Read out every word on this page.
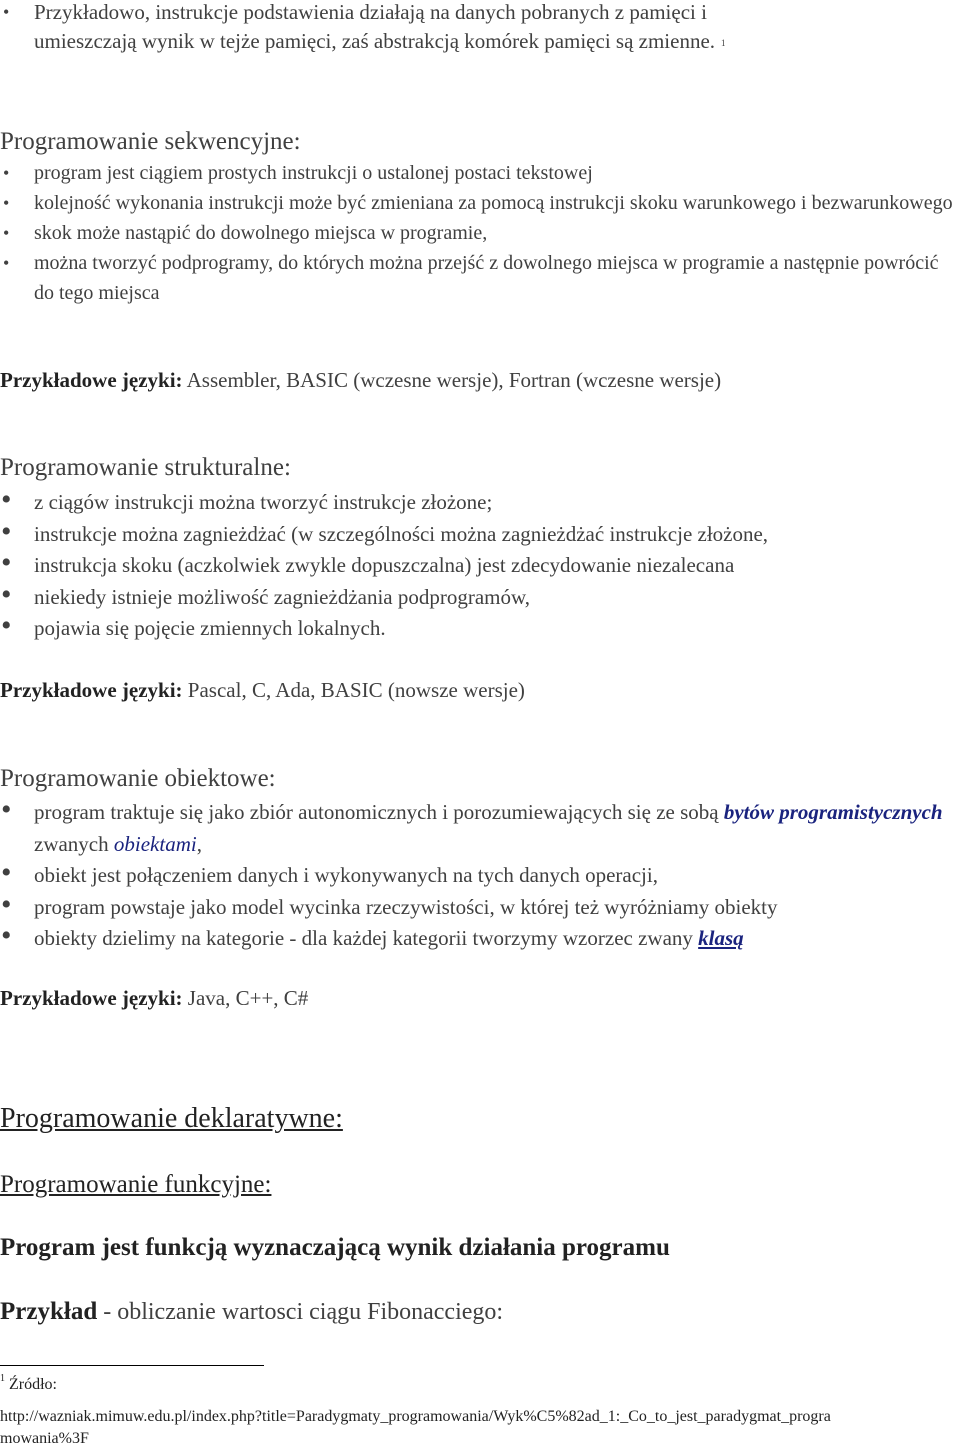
• Przykładowo, instrukcje podstawienia działają na danych pobranych z pamięci i
umieszczają wynik w tejże pamięci, zaś abstrakcją komórek pamięci są zmienne. $^1$
Programowanie sekwencyjne:
• program jest ciągiem prostych instrukcji o ustalonej postaci tekstowej
• kolejność wykonania instrukcji może być zmieniana za pomocą instrukcji skoku warunkowego i bezwarunkowego
• skok może nastąpić do dowolnego miejsca w programie,
• można tworzyć podprogramy, do których można przejść z dowolnego miejsca w programie a następnie powrócić do tego miejsca
Przykładowe języki: Assembler, BASIC (wczesne wersje), Fortran (wczesne wersje)
Programowanie strukturalne:
• z ciągów instrukcji można tworzyć instrukcje złożone;
• instrukcje można zagnieżdżać (w szczególności można zagnieżdżać instrukcje złożone,
• instrukcja skoku (aczkolwiek zwykle dopuszczalna) jest zdecydowanie niezalecana
• niekiedy istnieje możliwość zagnieżdżania podprogramów,
• pojawia się pojęcie zmiennych lokalnych.
Przykładowe języki: Pascal, C, Ada, BASIC (nowsze wersje)
Programowanie obiektowe:
• program traktuje się jako zbiór autonomicznych i porozumiewających się ze sobą bytów programistycznych zwanych obiektami,
• obiekt jest połączeniem danych i wykonywanych na tych danych operacji,
• program powstaje jako model wycinka rzeczywistości, w której też wyróżniamy obiekty
• obiekty dzielimy na kategorie - dla każdej kategorii tworzymy wzorzec zwany klasą
Przykładowe języki: Java, C++, C#
Programowanie deklaratywne:
Programowanie funkcyjne:
Program jest funkcją wyznaczającą wynik działania programu
Przykład - obliczanie wartosci ciągu Fibonacciego:
$^1$ Źródło:
http://wazniak.mimuw.edu.pl/index.php?title=Paradygmaty_programowania/Wyk%C5%82ad_1:_Co_to_jest_paradygmat_progra
mowania%3F
